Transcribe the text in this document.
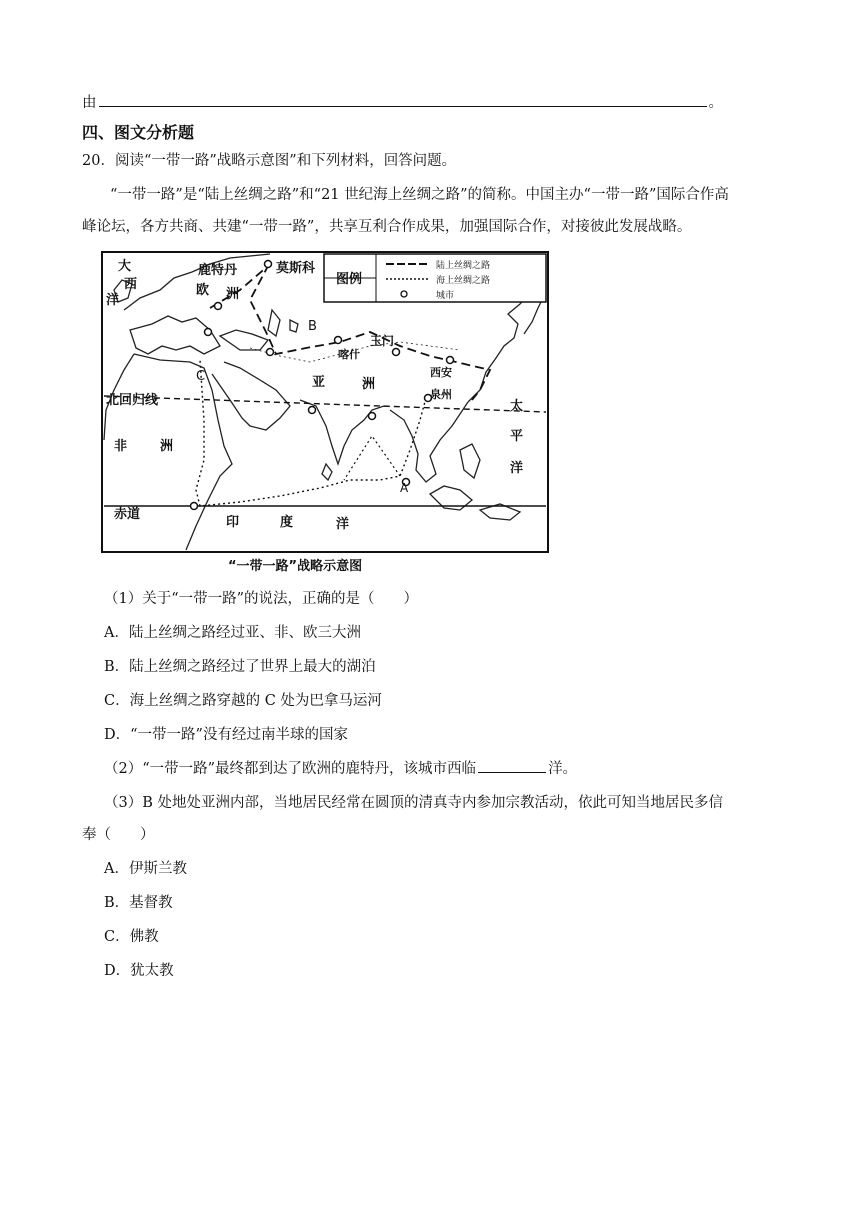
由	。
四、图文分析题
20．阅读“一带一路”战略示意图”和下列材料，回答问题。
“一带一路”是“陆上丝绸之路”和“21 世纪海上丝绸之路”的简称。中国主办“一带一路”国际合作高
峰论坛，各方共商、共建“一带一路”，共享互利合作成果，加强国际合作，对接彼此发展战略。
图例
陆上丝绸之路
海上丝绸之路
城市
大
西
洋
鹿特丹	莫斯科
欧 洲
B
C
喀什
玉门
西安
泉州
亚	洲
北回归线
非	洲
太
平
洋
A
赤道
印	度	洋
“一带一路”战略示意图
（1）关于“一带一路”的说法，正确的是（　　）
A．陆上丝绸之路经过亚、非、欧三大洲
B．陆上丝绸之路经过了世界上最大的湖泊
C．海上丝绸之路穿越的 C 处为巴拿马运河
D．“一带一路”没有经过南半球的国家
（2）“一带一路”最终都到达了欧洲的鹿特丹，该城市西临	洋。
（3）B 处地处亚洲内部，当地居民经常在圆顶的清真寺内参加宗教活动，依此可知当地居民多信
奉（　　）
A．伊斯兰教
B．基督教
C．佛教
D．犹太教
